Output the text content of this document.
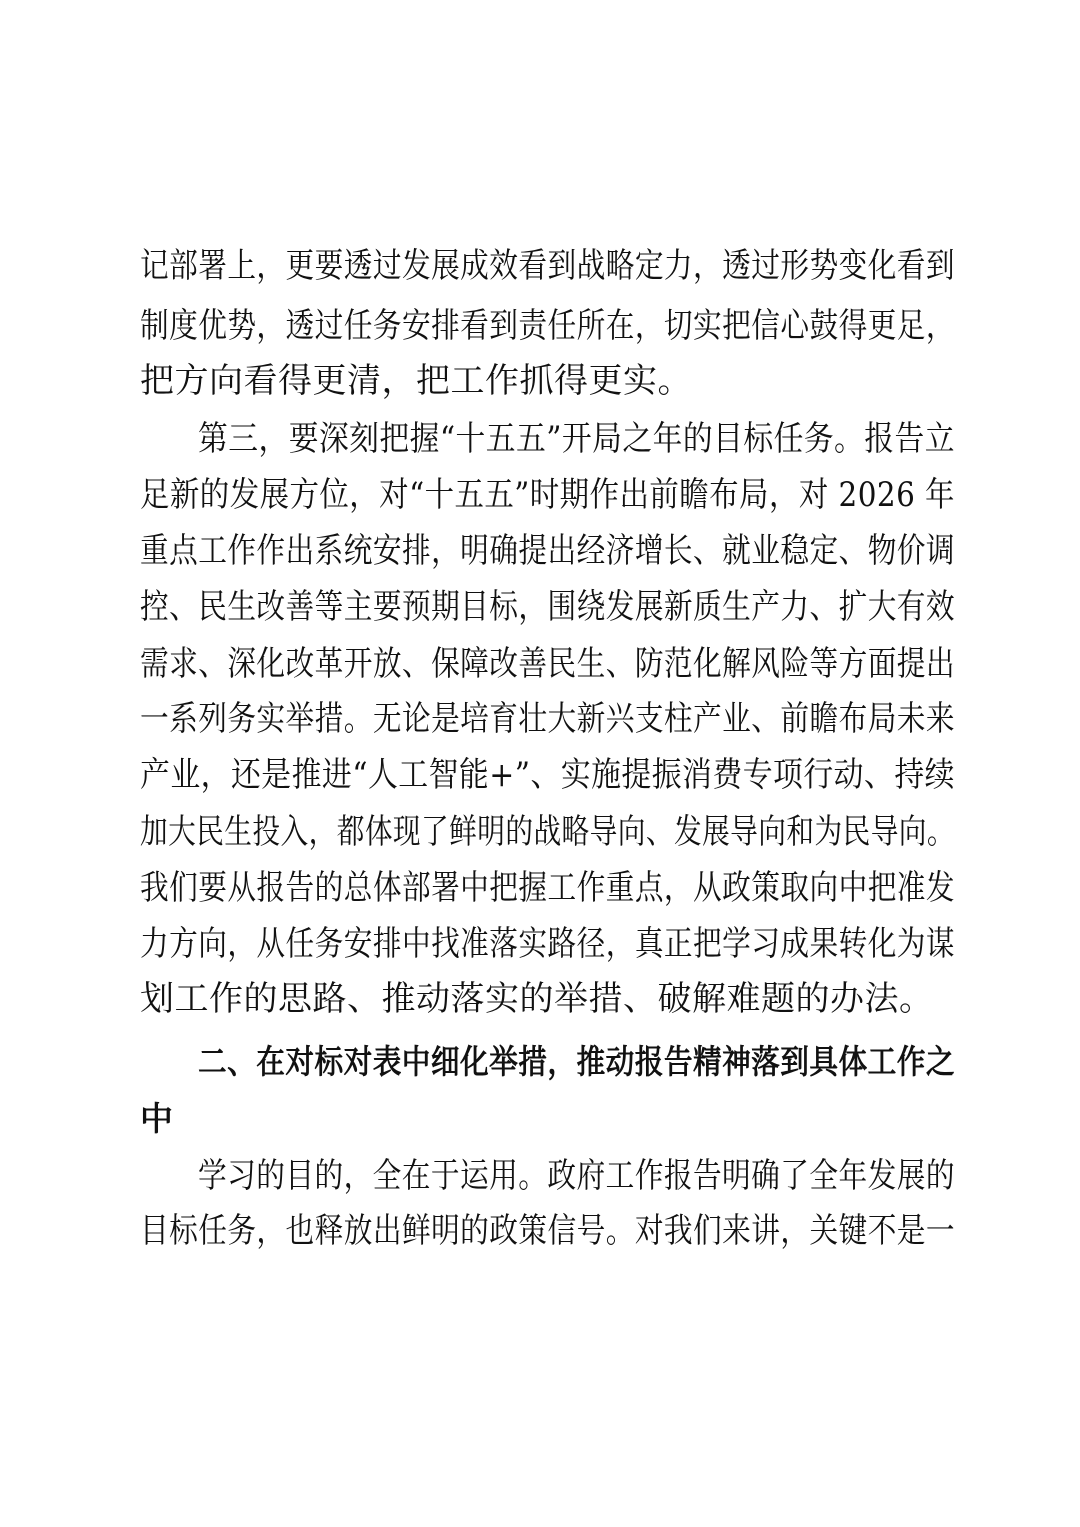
记部署上，更要透过发展成效看到战略定力，透过形势变化看到
制度优势，透过任务安排看到责任所在，切实把信心鼓得更足，
把方向看得更清，把工作抓得更实。
第三，要深刻把握“十五五”开局之年的目标任务。报告立
足新的发展方位，对“十五五”时期作出前瞻布局，对 2026 年
重点工作作出系统安排，明确提出经济增长、就业稳定、物价调
控、民生改善等主要预期目标，围绕发展新质生产力、扩大有效
需求、深化改革开放、保障改善民生、防范化解风险等方面提出
一系列务实举措。无论是培育壮大新兴支柱产业、前瞻布局未来
产业，还是推进“人工智能+”、实施提振消费专项行动、持续
加大民生投入，都体现了鲜明的战略导向、发展导向和为民导向。
我们要从报告的总体部署中把握工作重点，从政策取向中把准发
力方向，从任务安排中找准落实路径，真正把学习成果转化为谋
划工作的思路、推动落实的举措、破解难题的办法。
二、在对标对表中细化举措，推动报告精神落到具体工作之
中
学习的目的，全在于运用。政府工作报告明确了全年发展的
目标任务，也释放出鲜明的政策信号。对我们来讲，关键不是一
